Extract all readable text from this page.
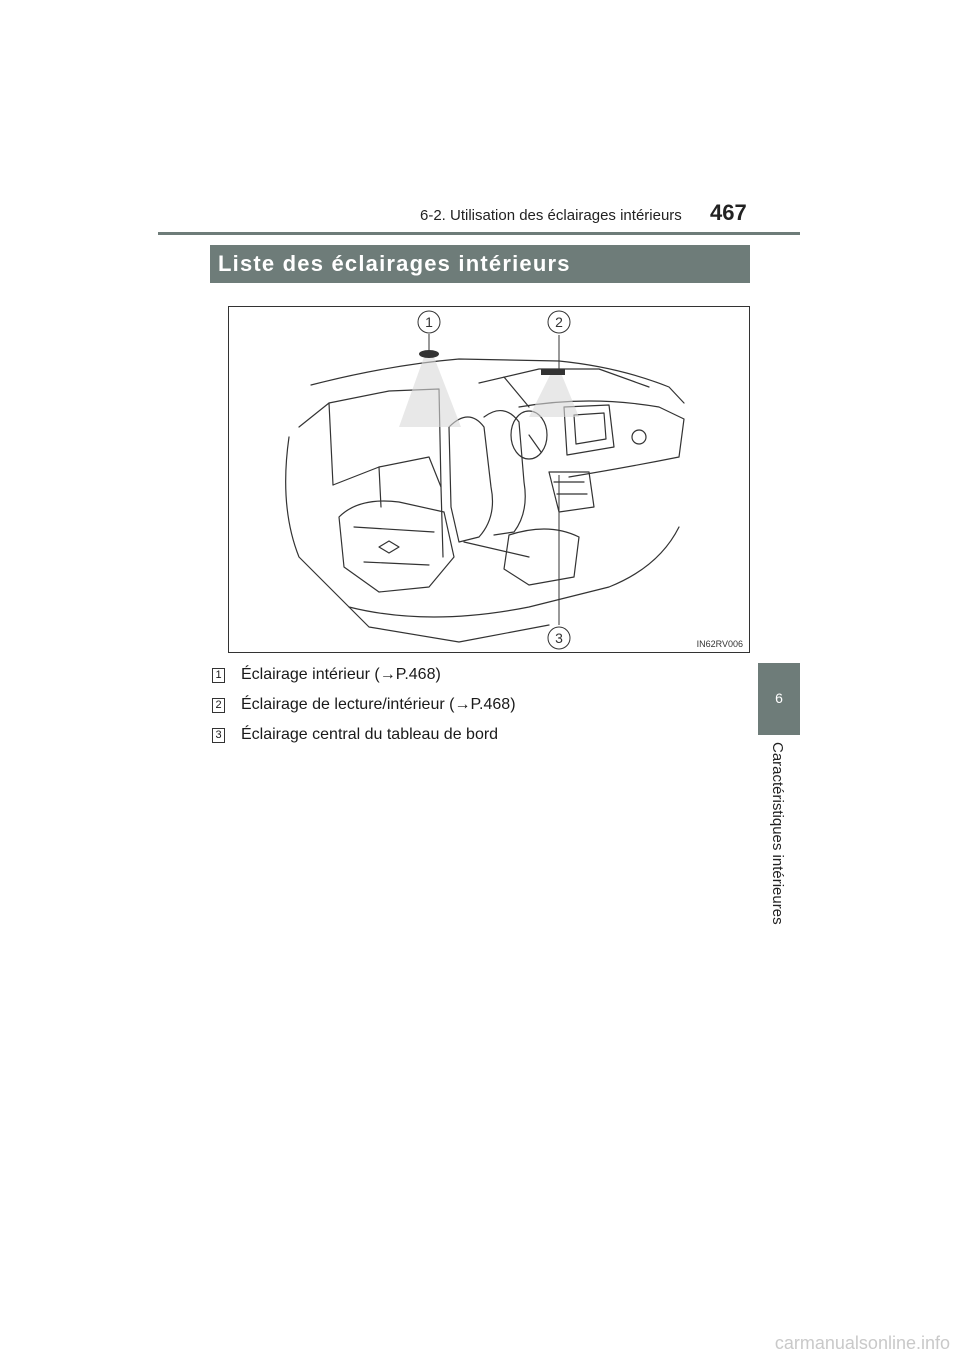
6-2. Utilisation des éclairages intérieurs 467
6
Caractéristiques intérieures
Liste des éclairages intérieurs
1	2
3	IN62RV006
1 Éclairage intérieur (→P.468)
2 Éclairage de lecture/intérieur (→P.468)
3 Éclairage central du tableau de bord
carmanualsonline.info
